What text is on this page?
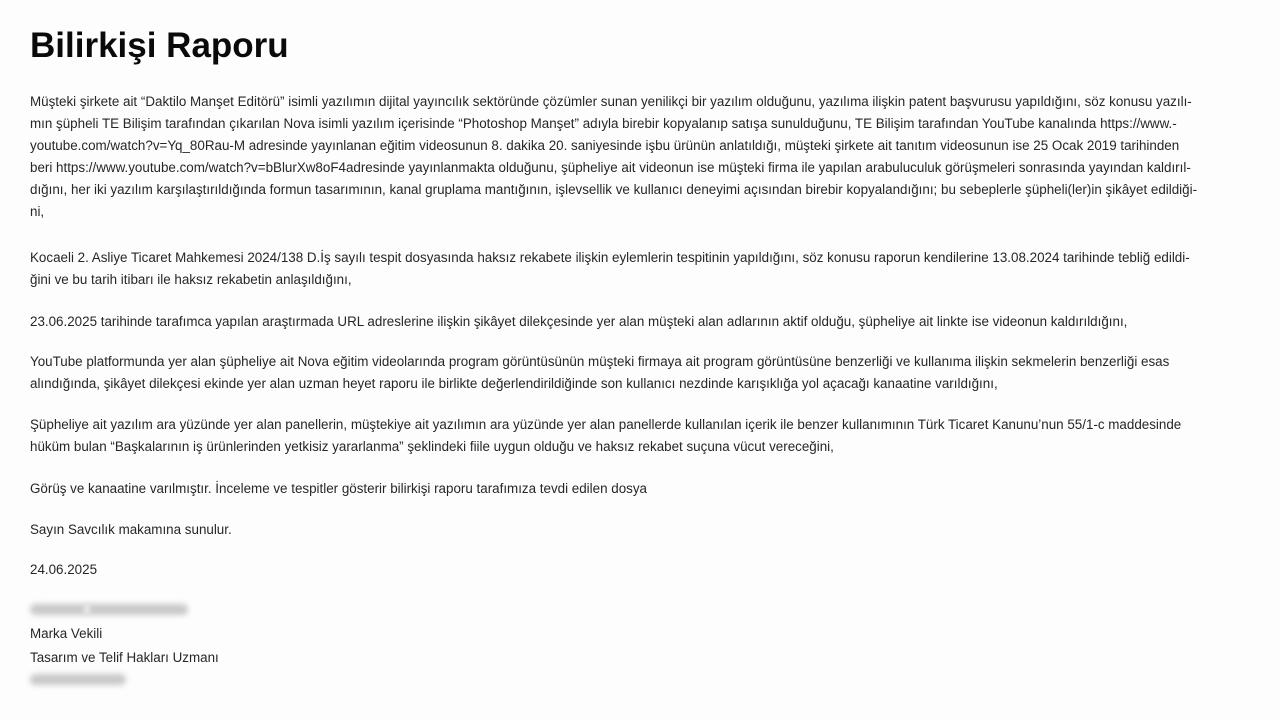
Bilirkişi Raporu
Müşteki şirkete ait “Daktilo Manşet Editörü” isimli yazılımın dijital yayıncılık sektöründe çözümler sunan yenilikçi bir yazılım olduğunu, yazılıma ilişkin patent başvurusu yapıldığını, söz konusu yazılı-
mın şüpheli TE Bilişim tarafından çıkarılan Nova isimli yazılım içerisinde “Photoshop Manşet” adıyla birebir kopyalanıp satışa sunulduğunu, TE Bilişim tarafından YouTube kanalında https://www.-
youtube.com/watch?v=Yq_80Rau-M adresinde yayınlanan eğitim videosunun 8. dakika 20. saniyesinde işbu ürünün anlatıldığı, müşteki şirkete ait tanıtım videosunun ise 25 Ocak 2019 tarihinden
beri https://www.youtube.com/watch?v=bBlurXw8oF4adresinde yayınlanmakta olduğunu, şüpheliye ait videonun ise müşteki firma ile yapılan arabuluculuk görüşmeleri sonrasında yayından kaldırıl-
dığını, her iki yazılım karşılaştırıldığında formun tasarımının, kanal gruplama mantığının, işlevsellik ve kullanıcı deneyimi açısından birebir kopyalandığını; bu sebeplerle şüpheli(ler)in şikâyet edildiği-
ni,
Kocaeli 2. Asliye Ticaret Mahkemesi 2024/138 D.İş sayılı tespit dosyasında haksız rekabete ilişkin eylemlerin tespitinin yapıldığını, söz konusu raporun kendilerine 13.08.2024 tarihinde tebliğ edildi-
ğini ve bu tarih itibarı ile haksız rekabetin anlaşıldığını,
23.06.2025 tarihinde tarafımca yapılan araştırmada URL adreslerine ilişkin şikâyet dilekçesinde yer alan müşteki alan adlarının aktif olduğu, şüpheliye ait linkte ise videonun kaldırıldığını,
YouTube platformunda yer alan şüpheliye ait Nova eğitim videolarında program görüntüsünün müşteki firmaya ait program görüntüsüne benzerliği ve kullanıma ilişkin sekmelerin benzerliği esas
alındığında, şikâyet dilekçesi ekinde yer alan uzman heyet raporu ile birlikte değerlendirildiğinde son kullanıcı nezdinde karışıklığa yol açacağı kanaatine varıldığını,
Şüpheliye ait yazılım ara yüzünde yer alan panellerin, müştekiye ait yazılımın ara yüzünde yer alan panellerde kullanılan içerik ile benzer kullanımının Türk Ticaret Kanunu’nun 55/1-c maddesinde
hüküm bulan “Başkalarının iş ürünlerinden yetkisiz yararlanma” şeklindeki fiile uygun olduğu ve haksız rekabet suçuna vücut vereceğini,
Görüş ve kanaatine varılmıştır. İnceleme ve tespitler gösterir bilirkişi raporu tarafımıza tevdi edilen dosya
Sayın Savcılık makamına sunulur.
24.06.2025
Marka Vekili
Tasarım ve Telif Hakları Uzmanı
